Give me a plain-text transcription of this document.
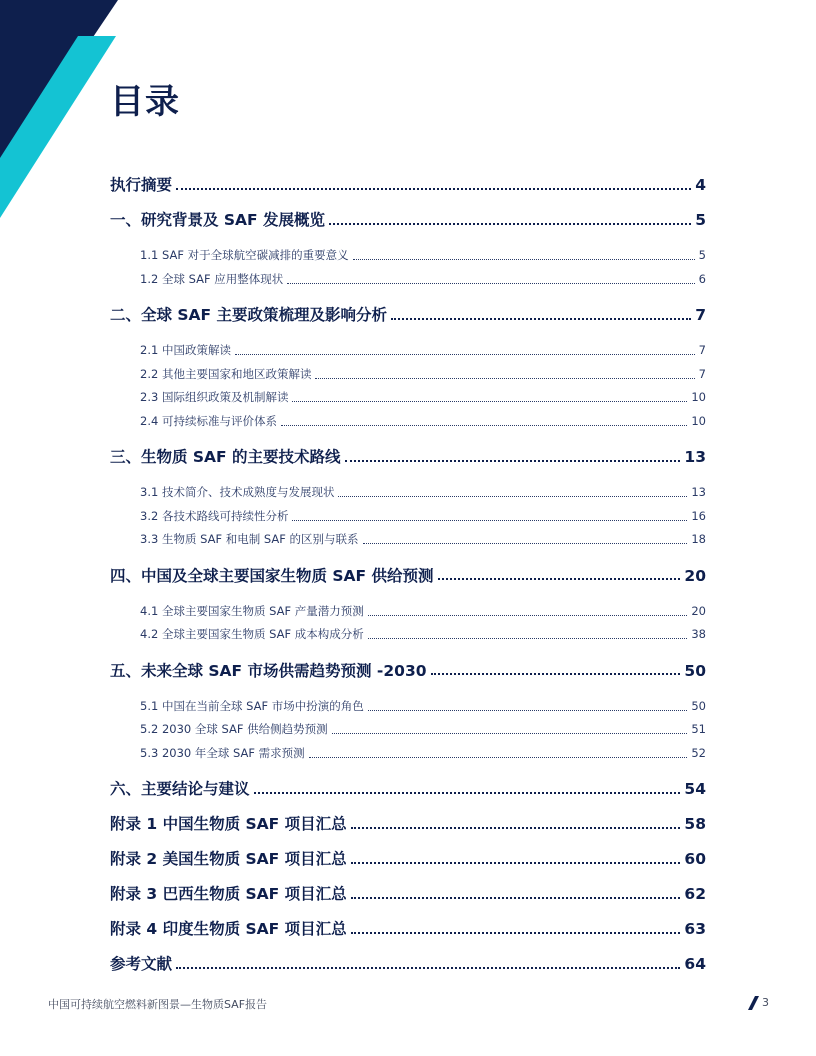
目录
执行摘要	4
一、研究背景及 SAF 发展概览	5
1.1 SAF 对于全球航空碳减排的重要意义	5
1.2 全球 SAF 应用整体现状	6
二、全球 SAF 主要政策梳理及影响分析	7
2.1 中国政策解读	7
2.2 其他主要国家和地区政策解读	7
2.3 国际组织政策及机制解读	10
2.4 可持续标准与评价体系	10
三、生物质 SAF 的主要技术路线	13
3.1 技术简介、技术成熟度与发展现状	13
3.2 各技术路线可持续性分析	16
3.3 生物质 SAF 和电制 SAF 的区别与联系	18
四、中国及全球主要国家生物质 SAF 供给预测	20
4.1 全球主要国家生物质 SAF 产量潜力预测	20
4.2 全球主要国家生物质 SAF 成本构成分析	38
五、未来全球 SAF 市场供需趋势预测 -2030	50
5.1 中国在当前全球 SAF 市场中扮演的角色	50
5.2 2030 全球 SAF 供给侧趋势预测	51
5.3 2030 年全球 SAF 需求预测	52
六、主要结论与建议	54
附录 1 中国生物质 SAF 项目汇总	58
附录 2 美国生物质 SAF 项目汇总	60
附录 3 巴西生物质 SAF 项目汇总	62
附录 4 印度生物质 SAF 项目汇总	63
参考文献	64
中国可持续航空燃料新图景—生物质SAF报告	3
